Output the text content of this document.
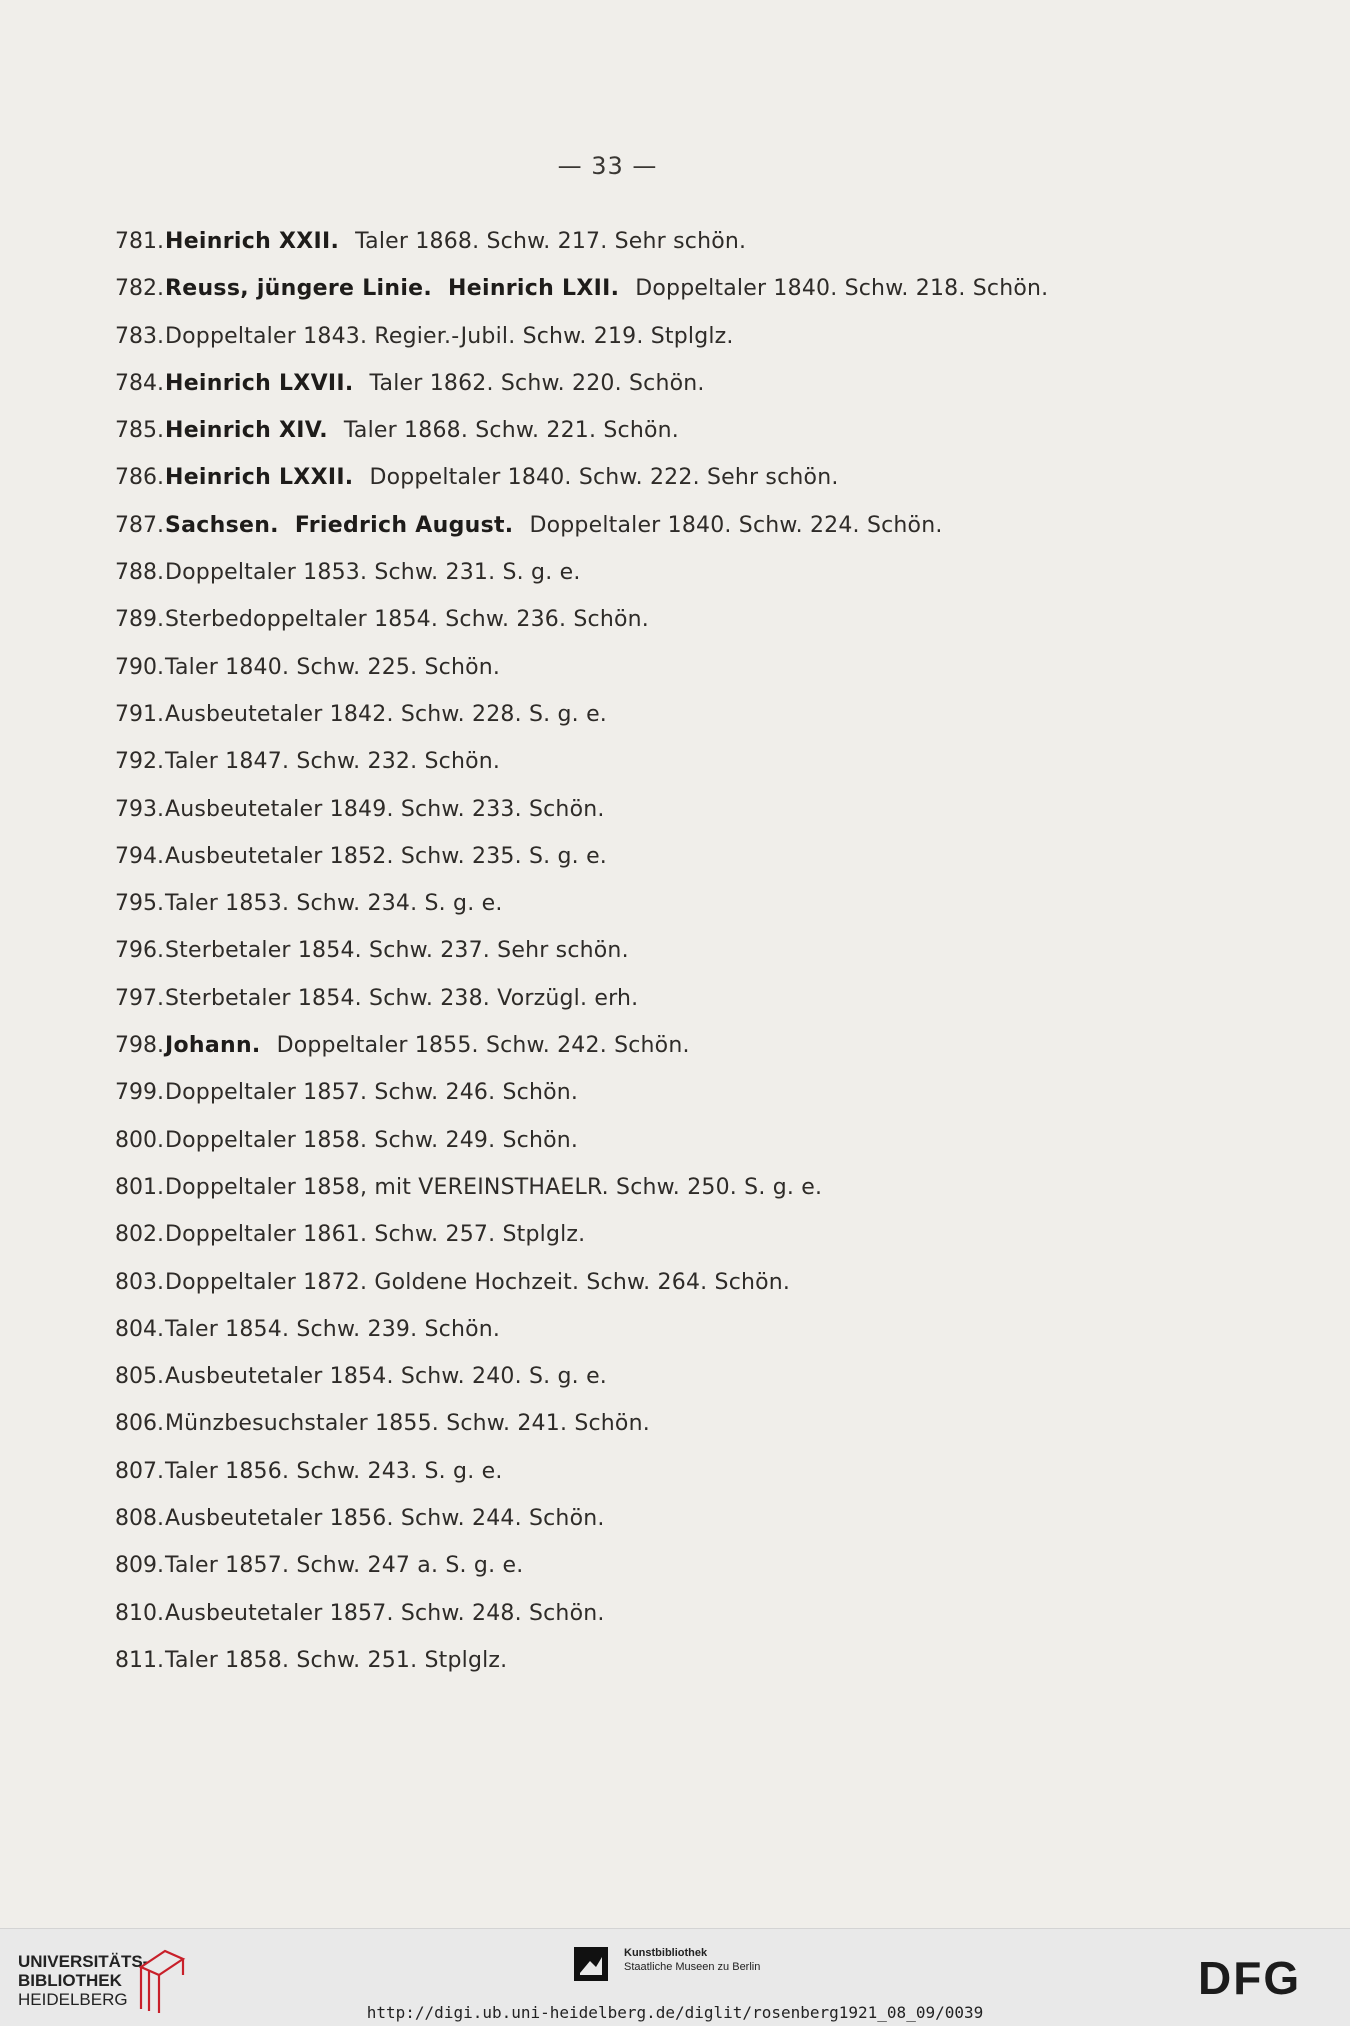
— 33 —
781.Heinrich XXII. Taler 1868. Schw. 217. Sehr schön.
782.Reuss, jüngere Linie. Heinrich LXII. Doppeltaler 1840. Schw. 218. Schön.
783.Doppeltaler 1843. Regier.-Jubil. Schw. 219. Stplglz.
784.Heinrich LXVII. Taler 1862. Schw. 220. Schön.
785.Heinrich XIV. Taler 1868. Schw. 221. Schön.
786.Heinrich LXXII. Doppeltaler 1840. Schw. 222. Sehr schön.
787.Sachsen. Friedrich August. Doppeltaler 1840. Schw. 224. Schön.
788.Doppeltaler 1853. Schw. 231. S. g. e.
789.Sterbedoppeltaler 1854. Schw. 236. Schön.
790.Taler 1840. Schw. 225. Schön.
791.Ausbeutetaler 1842. Schw. 228. S. g. e.
792.Taler 1847. Schw. 232. Schön.
793.Ausbeutetaler 1849. Schw. 233. Schön.
794.Ausbeutetaler 1852. Schw. 235. S. g. e.
795.Taler 1853. Schw. 234. S. g. e.
796.Sterbetaler 1854. Schw. 237. Sehr schön.
797.Sterbetaler 1854. Schw. 238. Vorzügl. erh.
798.Johann. Doppeltaler 1855. Schw. 242. Schön.
799.Doppeltaler 1857. Schw. 246. Schön.
800.Doppeltaler 1858. Schw. 249. Schön.
801.Doppeltaler 1858, mit VEREINSTHAELR. Schw. 250. S. g. e.
802.Doppeltaler 1861. Schw. 257. Stplglz.
803.Doppeltaler 1872. Goldene Hochzeit. Schw. 264. Schön.
804.Taler 1854. Schw. 239. Schön.
805.Ausbeutetaler 1854. Schw. 240. S. g. e.
806.Münzbesuchstaler 1855. Schw. 241. Schön.
807.Taler 1856. Schw. 243. S. g. e.
808.Ausbeutetaler 1856. Schw. 244. Schön.
809.Taler 1857. Schw. 247 a. S. g. e.
810.Ausbeutetaler 1857. Schw. 248. Schön.
811.Taler 1858. Schw. 251. Stplglz.
UNIVERSITÄTS-
BIBLIOTHEK
HEIDELBERG
Kunstbibliothek
Staatliche Museen zu Berlin	DFG
http://digi.ub.uni-heidelberg.de/diglit/rosenberg1921_08_09/0039
